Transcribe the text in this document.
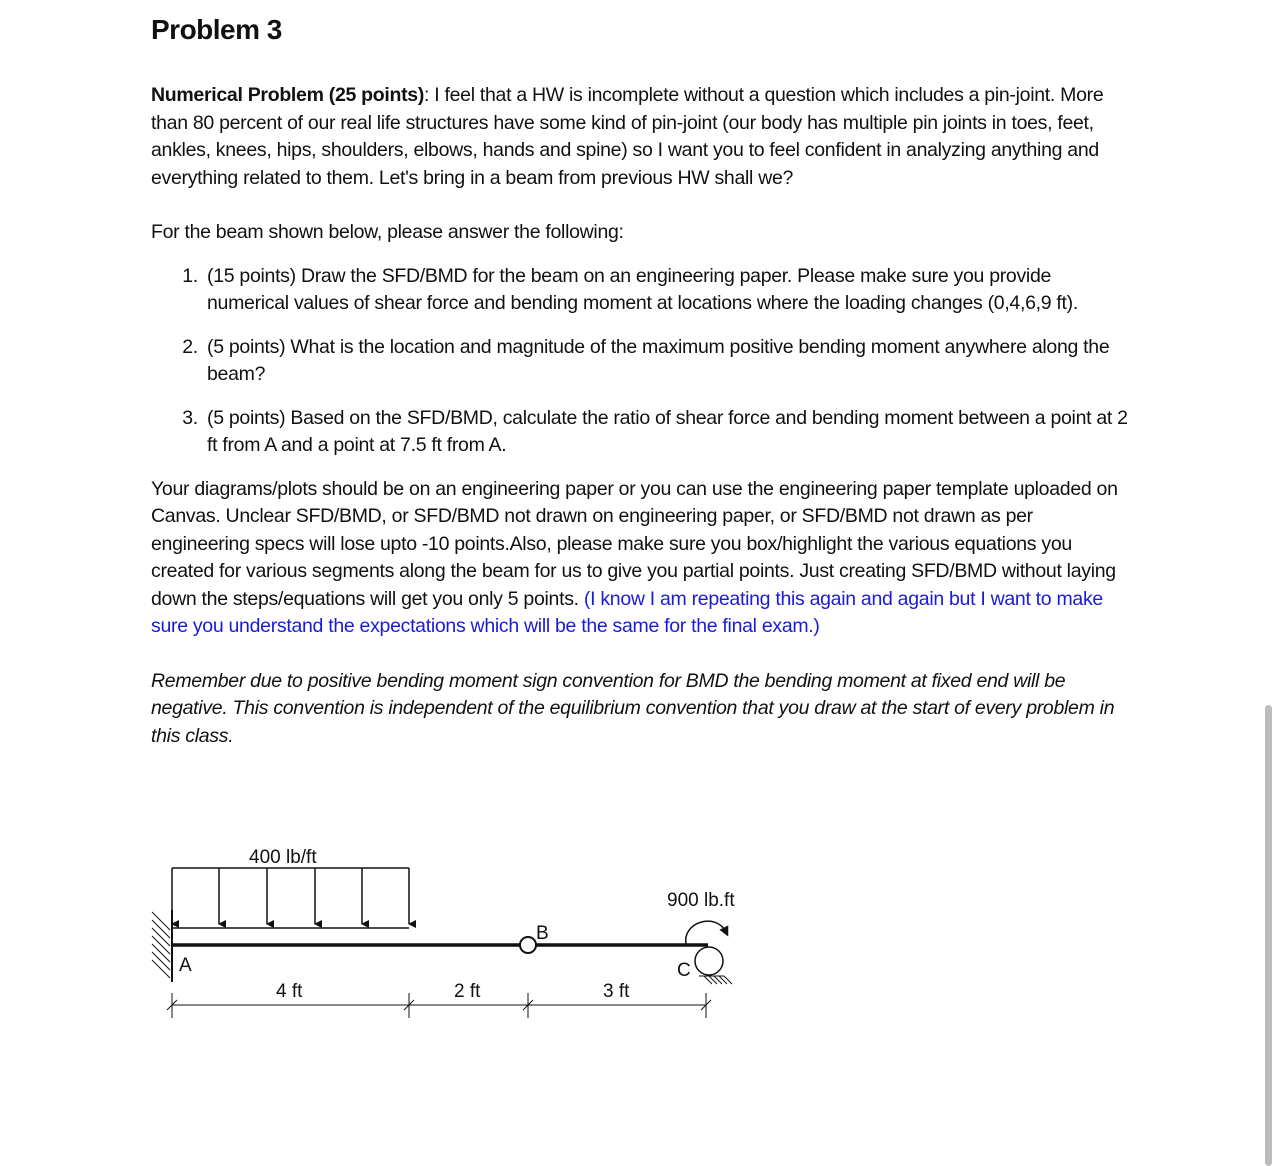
Problem 3

Numerical Problem (25 points): I feel that a HW is incomplete without a question which includes a pin-joint. More than 80 percent of our real life structures have some kind of pin-joint (our body has multiple pin joints in toes, feet, ankles, knees, hips, shoulders, elbows, hands and spine) so I want you to feel confident in analyzing anything and everything related to them. Let's bring in a beam from previous HW shall we?

For the beam shown below, please answer the following:

1. (15 points) Draw the SFD/BMD for the beam on an engineering paper. Please make sure you provide numerical values of shear force and bending moment at locations where the loading changes (0,4,6,9 ft).
2. (5 points) What is the location and magnitude of the maximum positive bending moment anywhere along the beam?
3. (5 points) Based on the SFD/BMD, calculate the ratio of shear force and bending moment between a point at 2 ft from A and a point at 7.5 ft from A.

Your diagrams/plots should be on an engineering paper or you can use the engineering paper template uploaded on Canvas. Unclear SFD/BMD, or SFD/BMD not drawn on engineering paper, or SFD/BMD not drawn as per engineering specs will lose upto -10 points.Also, please make sure you box/highlight the various equations you created for various segments along the beam for us to give you partial points. Just creating SFD/BMD without laying down the steps/equations will get you only 5 points. (I know I am repeating this again and again but I want to make sure you understand the expectations which will be the same for the final exam.)

Remember due to positive bending moment sign convention for BMD the bending moment at fixed end will be negative. This convention is independent of the equilibrium convention that you draw at the start of every problem in this class.

400 lb/ft
B
A	C
900 lb.ft
4 ft	2 ft	3 ft
